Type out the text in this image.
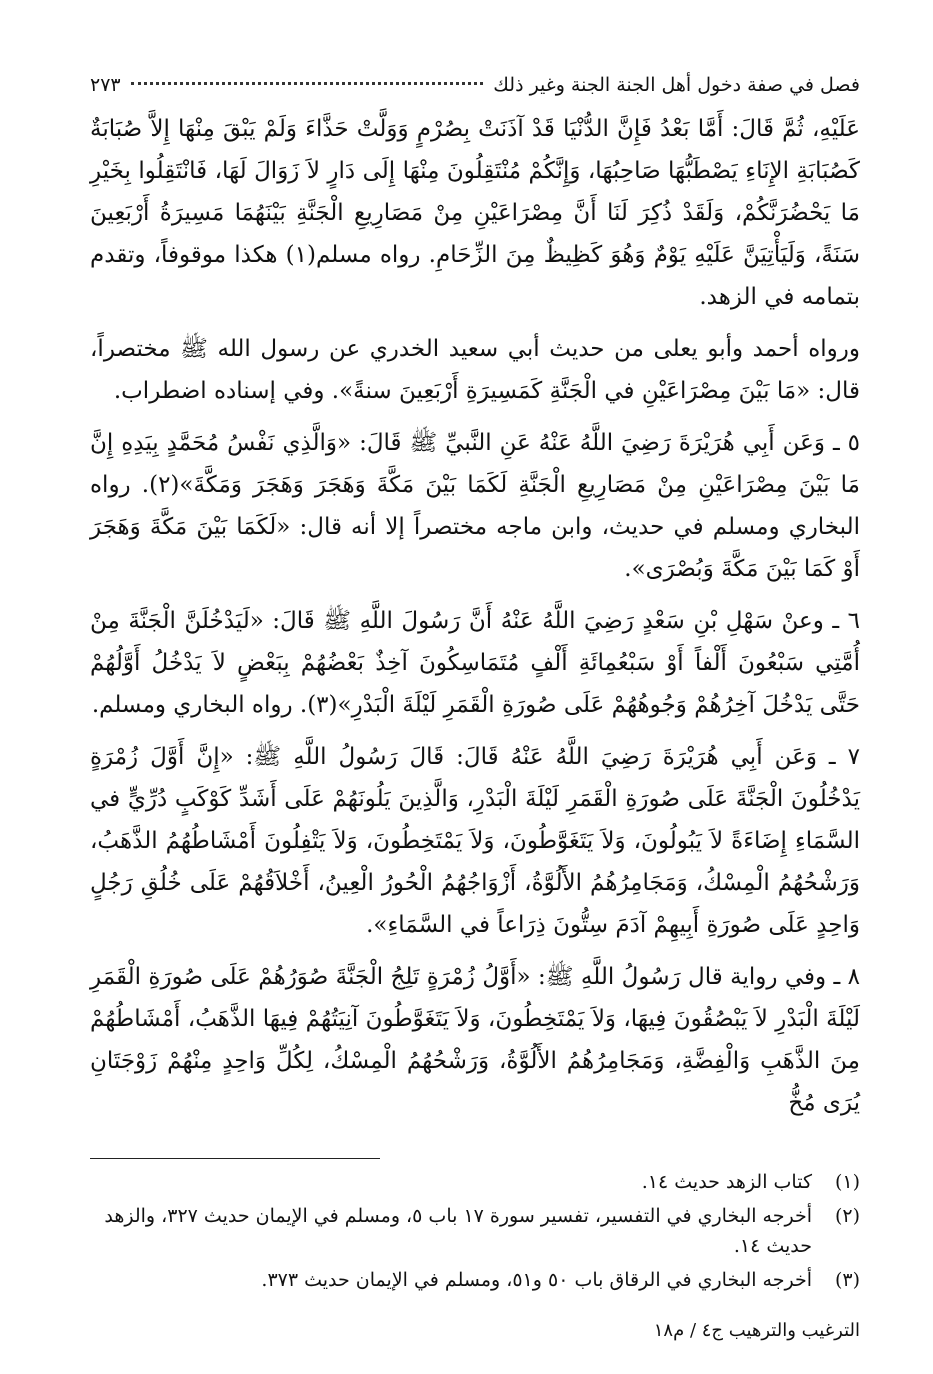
فصل في صفة دخول أهل الجنة الجنة وغير ذلك
٢٧٣

عَلَيْهِ، ثُمَّ قَالَ: أَمَّا بَعْدُ فَإِنَّ الدُّنْيَا قَدْ آذَنَتْ بِصُرْمٍ وَوَلَّتْ حَذَّاءَ وَلَمْ يَبْقَ مِنْهَا إِلاَّ صُبَابَةٌ كَصُبَابَةِ الإِنَاءِ يَصْطَبُّهَا صَاحِبُهَا، وَإِنَّكُمْ مُنْتَقِلُونَ مِنْهَا إِلَى دَارٍ لاَ زَوَالَ لَهَا، فَانْتَقِلُوا بِخَيْرِ مَا يَحْضُرَنَّكُمْ، وَلَقَدْ ذُكِرَ لَنَا أَنَّ مِصْرَاعَيْنِ مِنْ مَصَارِيعِ الْجَنَّةِ بَيْنَهُمَا مَسِيرَةُ أَرْبَعِينَ سَنَةً، وَلَيَأْتِيَنَّ عَلَيْهِ يَوْمٌ وَهُوَ كَظِيظٌ مِنَ الزِّحَامِ. رواه مسلم(١) هكذا موقوفاً، وتقدم بتمامه في الزهد.

ورواه أحمد وأبو يعلى من حديث أبي سعيد الخدري عن رسول الله ﷺ مختصراً، قال: «مَا بَيْنَ مِصْرَاعَيْنِ في الْجَنَّةِ كَمَسِيرَةِ أَرْبَعِينَ سنةً». وفي إسناده اضطراب.

٥ ـ وَعَن أَبِي هُرَيْرَةَ رَضِيَ اللَّهُ عَنْهُ عَنِ النَّبيِّ ﷺ قَالَ: «وَالَّذِي نَفْسُ مُحَمَّدٍ بِيَدِهِ إِنَّ مَا بَيْنَ مِصْرَاعَيْنِ مِنْ مَصَارِيعِ الْجَنَّةِ لَكَمَا بَيْنَ مَكَّةَ وَهَجَرَ وَهَجَرَ وَمَكَّةَ»(٢). رواه البخاري ومسلم في حديث، وابن ماجه مختصراً إلا أنه قال: «لَكَمَا بَيْنَ مَكَّةَ وَهَجَرَ أَوْ كَمَا بَيْنَ مَكَّةَ وَبُصْرَى».

٦ ـ وعنْ سَهْلِ بْنِ سَعْدٍ رَضِيَ اللَّهُ عَنْهُ أَنَّ رَسُولَ اللَّهِ ﷺ قَالَ: «لَيَدْخُلَنَّ الْجَنَّةَ مِنْ أُمَّتِي سَبْعُونَ أَلْفاً أَوْ سَبْعُمِائَةِ أَلْفٍ مُتَمَاسِكُونَ آخِذٌ بَعْضُهُمْ بِبَعْضٍ لاَ يَدْخُلُ أَوَّلُهُمْ حَتَّى يَدْخُلَ آخِرُهُمْ وَجُوهُهُمْ عَلَى صُورَةِ الْقَمَرِ لَيْلَةَ الْبَدْرِ»(٣). رواه البخاري ومسلم.

٧ ـ وَعَن أَبِي هُرَيْرَةَ رَضِيَ اللَّهُ عَنْهُ قَالَ: قَالَ رَسُولُ اللَّهِ ﷺ: «إِنَّ أَوَّلَ زُمْرَةٍ يَدْخُلُونَ الْجَنَّةَ عَلَى صُورَةِ الْقَمَرِ لَيْلَةَ الْبَدْرِ، وَالَّذِينَ يَلُونَهُمْ عَلَى أَشَدِّ كَوْكَبٍ دُرِّيٍّ في السَّمَاءِ إِضَاءَةً لاَ يَبُولُونَ، وَلاَ يَتَغَوَّطُونَ، وَلاَ يَمْتَخِطُونَ، وَلاَ يَتْفِلُونَ أَمْشَاطُهُمُ الذَّهَبُ، وَرَشْحُهُمُ الْمِسْكُ، وَمَجَامِرُهُمُ الأَلُوَّةُ، أَزْوَاجُهُمُ الْحُورُ الْعِينُ، أَخْلاَقُهُمْ عَلَى خُلُقِ رَجُلٍ وَاحِدٍ عَلَى صُورَةِ أَبِيهِمْ آدَمَ سِتُّونَ ذِرَاعاً في السَّمَاءِ».

٨ ـ وفي رواية قال رَسُولُ اللَّهِ ﷺ: «أَوَّلُ زُمْرَةٍ تَلِجُ الْجَنَّةَ صُوَرُهُمْ عَلَى صُورَةِ الْقَمَرِ لَيْلَةَ الْبَدْرِ لاَ يَبْصُقُونَ فِيهَا، وَلاَ يَمْتَخِطُونَ، وَلاَ يَتَغَوَّطُونَ آنِيَتُهُمْ فِيهَا الذَّهَبُ، أَمْشَاطُهُمْ مِنَ الذَّهَبِ وَالْفِضَّةِ، وَمَجَامِرُهُمُ الأَلُوَّةُ، وَرَشْحُهُمُ الْمِسْكُ، لِكُلِّ وَاحِدٍ مِنْهُمْ زَوْجَتَانِ يُرَى مُخُّ

(١)
كتاب الزهد حديث ١٤.
(٢)
أخرجه البخاري في التفسير، تفسير سورة ١٧ باب ٥، ومسلم في الإيمان حديث ٣٢٧، والزهد حديث ١٤.
(٣)
أخرجه البخاري في الرقاق باب ٥٠ و٥١، ومسلم في الإيمان حديث ٣٧٣.
الترغيب والترهيب ج٤ / م١٨
